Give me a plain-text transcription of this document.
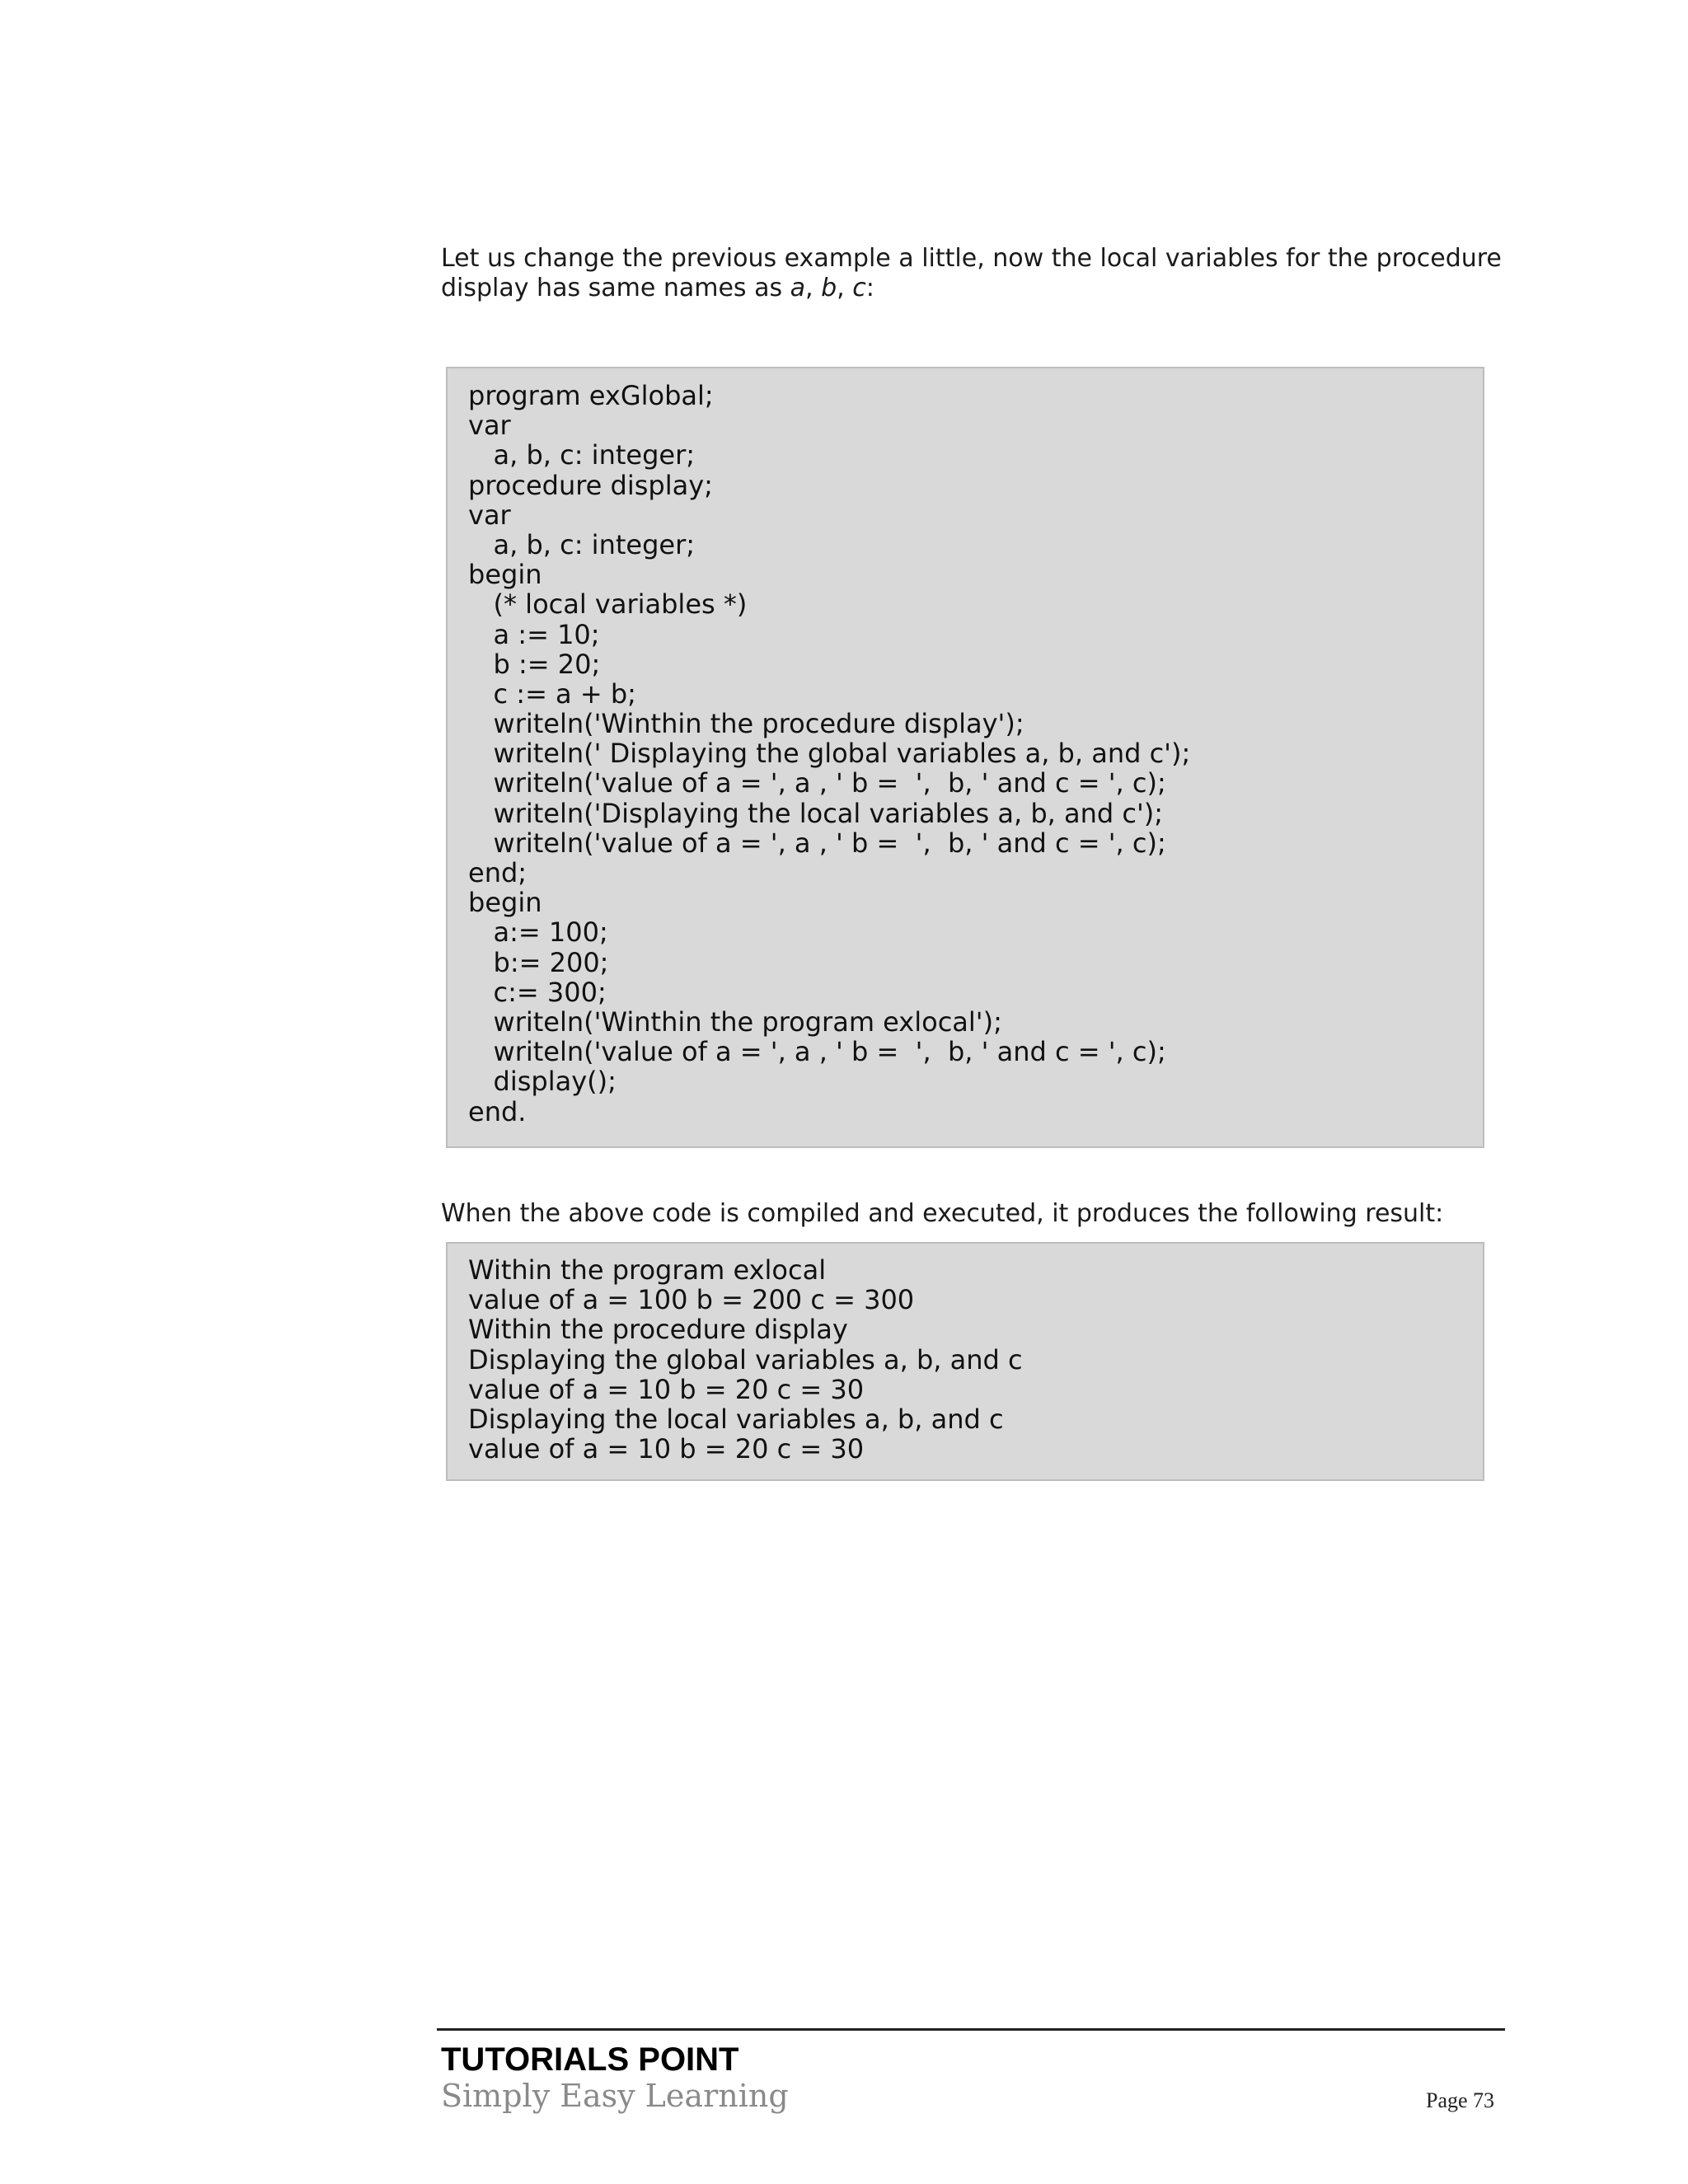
Let us change the previous example a little, now the local variables for the procedure
display has same names as a, b, c:
program exGlobal;
var
a, b, c: integer;
procedure display;
var
a, b, c: integer;
begin
(* local variables *)
a := 10;
b := 20;
c := a + b;
writeln('Winthin the procedure display');
writeln(' Displaying the global variables a, b, and c');
writeln('value of a = ', a , ' b =  ',  b, ' and c = ', c);
writeln('Displaying the local variables a, b, and c');
writeln('value of a = ', a , ' b =  ',  b, ' and c = ', c);
end;
begin
a:= 100;
b:= 200;
c:= 300;
writeln('Winthin the program exlocal');
writeln('value of a = ', a , ' b =  ',  b, ' and c = ', c);
display();
end.
When the above code is compiled and executed, it produces the following result:
Within the program exlocal
value of a = 100 b = 200 c = 300
Within the procedure display
Displaying the global variables a, b, and c
value of a = 10 b = 20 c = 30
Displaying the local variables a, b, and c
value of a = 10 b = 20 c = 30
TUTORIALS POINT
Simply Easy Learning	Page 73
